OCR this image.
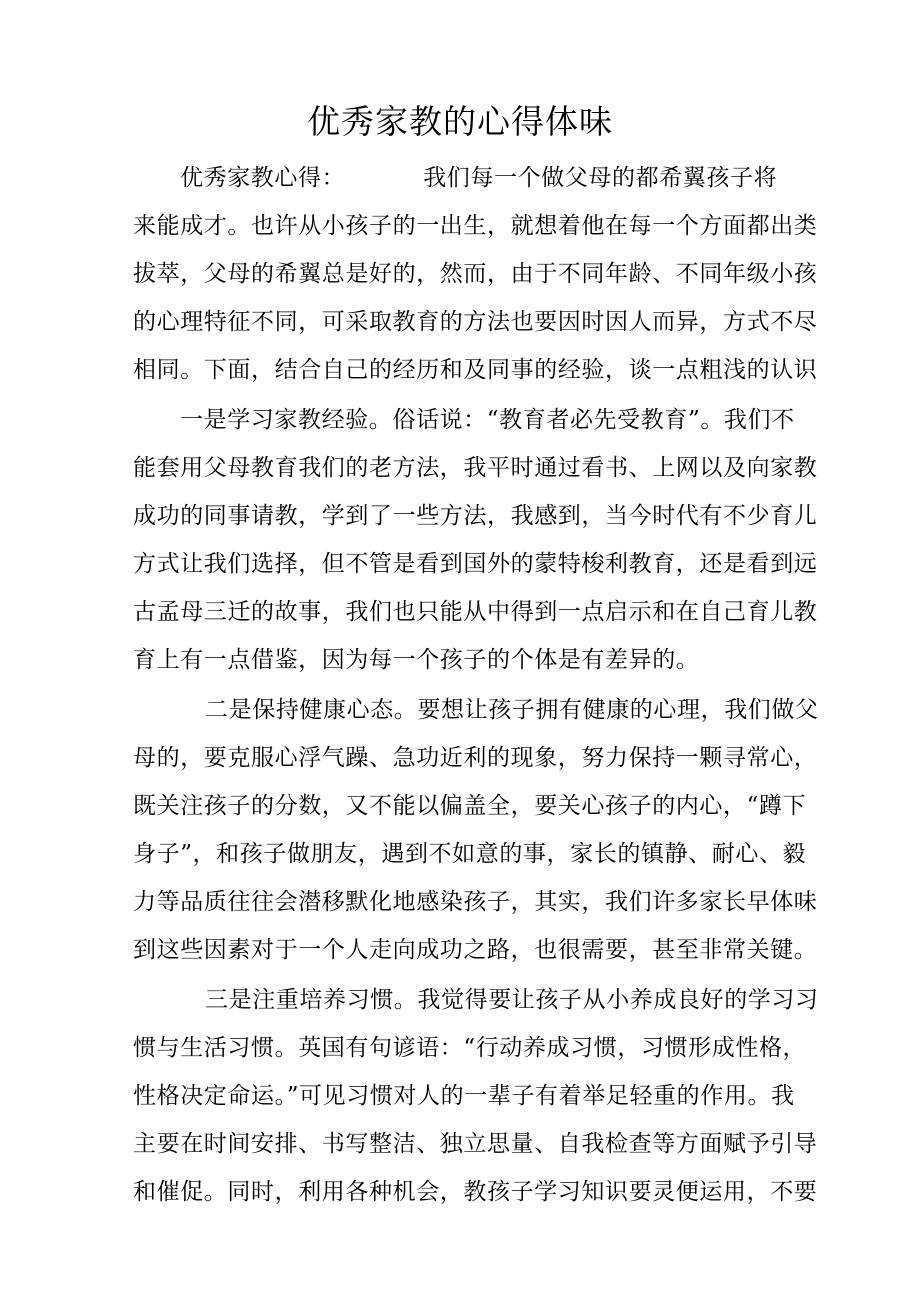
优秀家教的心得体味
优秀家教心得：	我们每一个做父母的都希翼孩子将
来能成才。也许从小孩子的一出生，就想着他在每一个方面都出类
拔萃，父母的希翼总是好的，然而，由于不同年龄、不同年级小孩
的心理特征不同，可采取教育的方法也要因时因人而异，方式不尽
相同。下面，结合自己的经历和及同事的经验，谈一点粗浅的认识
一是学习家教经验。俗话说：“教育者必先受教育”。我们不
能套用父母教育我们的老方法，我平时通过看书、上网以及向家教
成功的同事请教，学到了一些方法，我感到，当今时代有不少育儿
方式让我们选择，但不管是看到国外的蒙特梭利教育，还是看到远
古孟母三迁的故事，我们也只能从中得到一点启示和在自己育儿教
育上有一点借鉴，因为每一个孩子的个体是有差异的。
二是保持健康心态。要想让孩子拥有健康的心理，我们做父
母的，要克服心浮气躁、急功近利的现象，努力保持一颗寻常心，
既关注孩子的分数，又不能以偏盖全，要关心孩子的内心，“蹲下
身子”，和孩子做朋友，遇到不如意的事，家长的镇静、耐心、毅
力等品质往往会潜移默化地感染孩子，其实，我们许多家长早体味
到这些因素对于一个人走向成功之路，也很需要，甚至非常关键。
三是注重培养习惯。我觉得要让孩子从小养成良好的学习习
惯与生活习惯。英国有句谚语：“行动养成习惯，习惯形成性格，
性格决定命运。”可见习惯对人的一辈子有着举足轻重的作用。我
主要在时间安排、书写整洁、独立思量、自我检查等方面赋予引导
和催促。同时，利用各种机会，教孩子学习知识要灵便运用，不要
